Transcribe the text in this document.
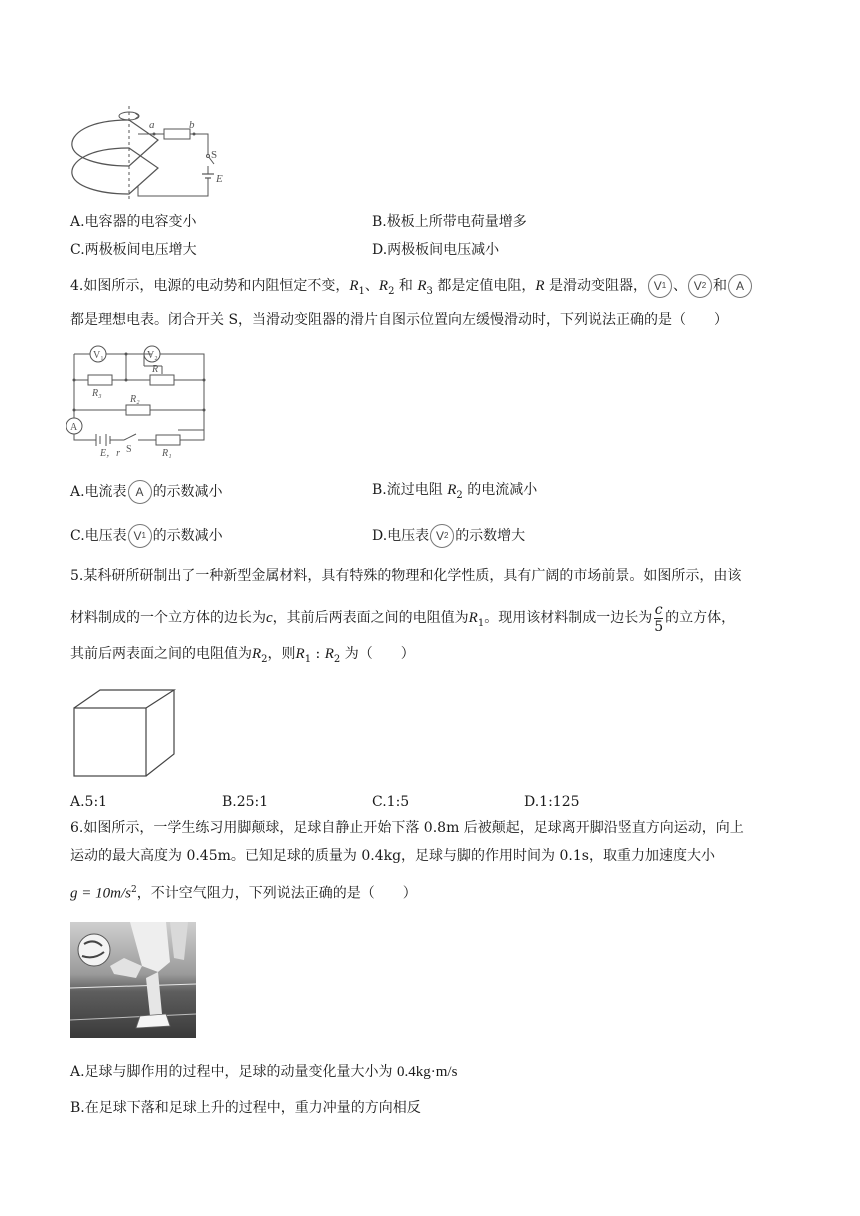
a	b
S
E
A.电容器的电容变小	B.极板上所带电荷量增多
C.两极板间电压增大	D.两极板间电压减小
4.如图所示，电源的电动势和内阻恒定不变，$R_1$、$R_2$ 和 $R_3$ 都是定值电阻，R 是滑动变阻器， V 1 、 V 2 和 A
都是理想电表。闭合开关 S，当滑动变阻器的滑片自图示位置向左缓慢滑动时，下列说法正确的是（　　）
V₁	V₂
A
R₃
R
R₂
E，r S	R₁
A.电流表 A 的示数减小	B.流过电阻 $R_2$ 的电流减小
C.电压表 V 1 的示数减小	D.电压表 V 2 的示数增大
5.某科研所研制出了一种新型金属材料，具有特殊的物理和化学性质，具有广阔的市场前景。如图所示，由该
材料制成的一个立方体的边长为c，其前后两表面之间的电阻值为$R_1$。现用该材料制成一边长为 $\frac{c}{5}$ 的立方体，
其前后两表面之间的电阻值为$R_2$，则$R_1$ : $R_2$ 为（　　）
A.5:1	B.25:1	C.1:5	D.1:125
6.如图所示，一学生练习用脚颠球，足球自静止开始下落 0.8m 后被颠起，足球离开脚沿竖直方向运动，向上
运动的最大高度为 0.45m。已知足球的质量为 0.4kg，足球与脚的作用时间为 0.1s，取重力加速度大小
$g = 10m/s^2$，不计空气阻力，下列说法正确的是（　　）
A.足球与脚作用的过程中，足球的动量变化量大小为 0.4kg·m/s
B.在足球下落和足球上升的过程中，重力冲量的方向相反
